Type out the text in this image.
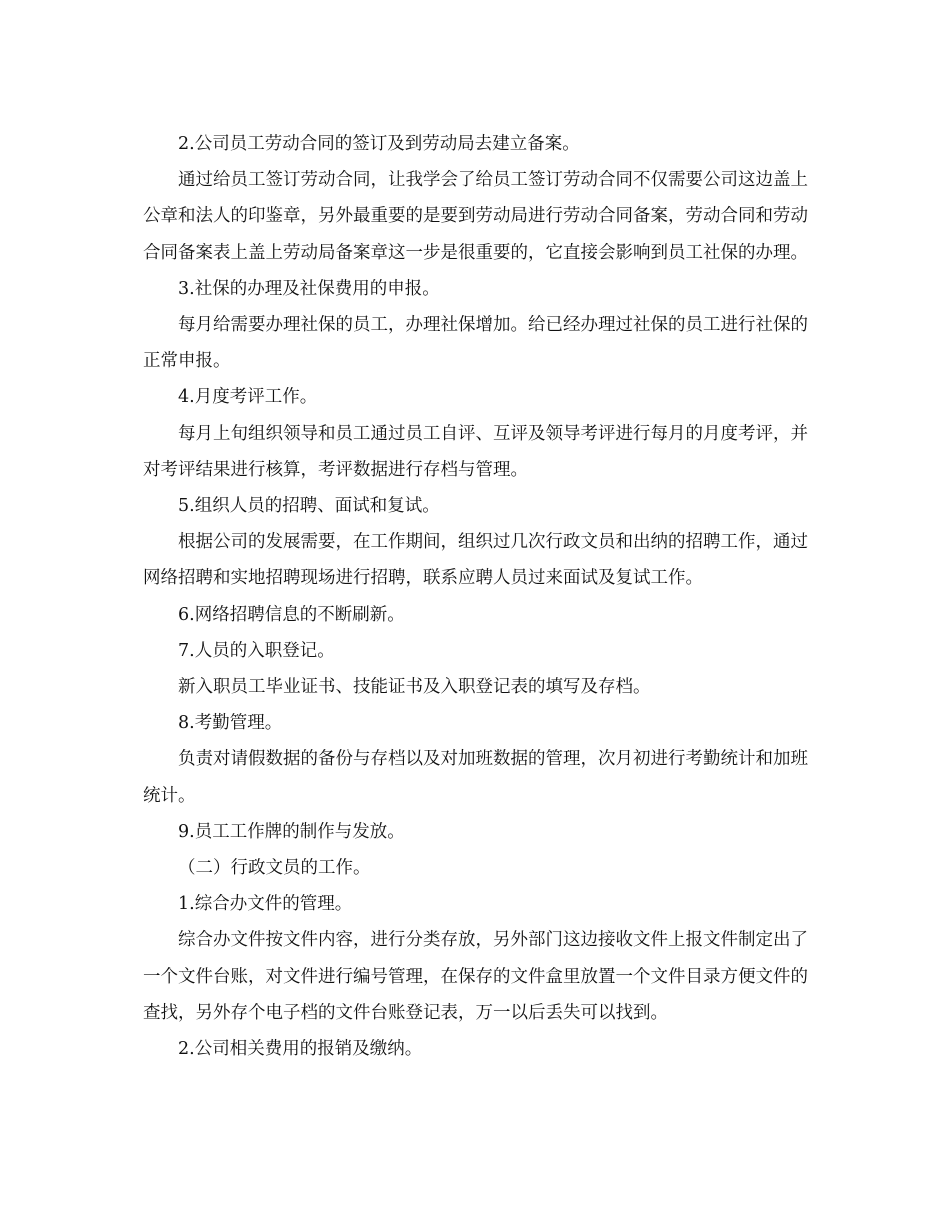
2.公司员工劳动合同的签订及到劳动局去建立备案。

通过给员工签订劳动合同，让我学会了给员工签订劳动合同不仅需要公司这边盖上公章和法人的印鉴章，另外最重要的是要到劳动局进行劳动合同备案，劳动合同和劳动合同备案表上盖上劳动局备案章这一步是很重要的，它直接会影响到员工社保的办理。

3.社保的办理及社保费用的申报。

每月给需要办理社保的员工，办理社保增加。给已经办理过社保的员工进行社保的正常申报。

4.月度考评工作。

每月上旬组织领导和员工通过员工自评、互评及领导考评进行每月的月度考评，并对考评结果进行核算，考评数据进行存档与管理。

5.组织人员的招聘、面试和复试。

根据公司的发展需要，在工作期间，组织过几次行政文员和出纳的招聘工作，通过网络招聘和实地招聘现场进行招聘，联系应聘人员过来面试及复试工作。

6.网络招聘信息的不断刷新。

7.人员的入职登记。

新入职员工毕业证书、技能证书及入职登记表的填写及存档。

8.考勤管理。

负责对请假数据的备份与存档以及对加班数据的管理，次月初进行考勤统计和加班统计。

9.员工工作牌的制作与发放。

（二）行政文员的工作。

1.综合办文件的管理。

综合办文件按文件内容，进行分类存放，另外部门这边接收文件上报文件制定出了一个文件台账，对文件进行编号管理，在保存的文件盒里放置一个文件目录方便文件的查找，另外存个电子档的文件台账登记表，万一以后丢失可以找到。

2.公司相关费用的报销及缴纳。
